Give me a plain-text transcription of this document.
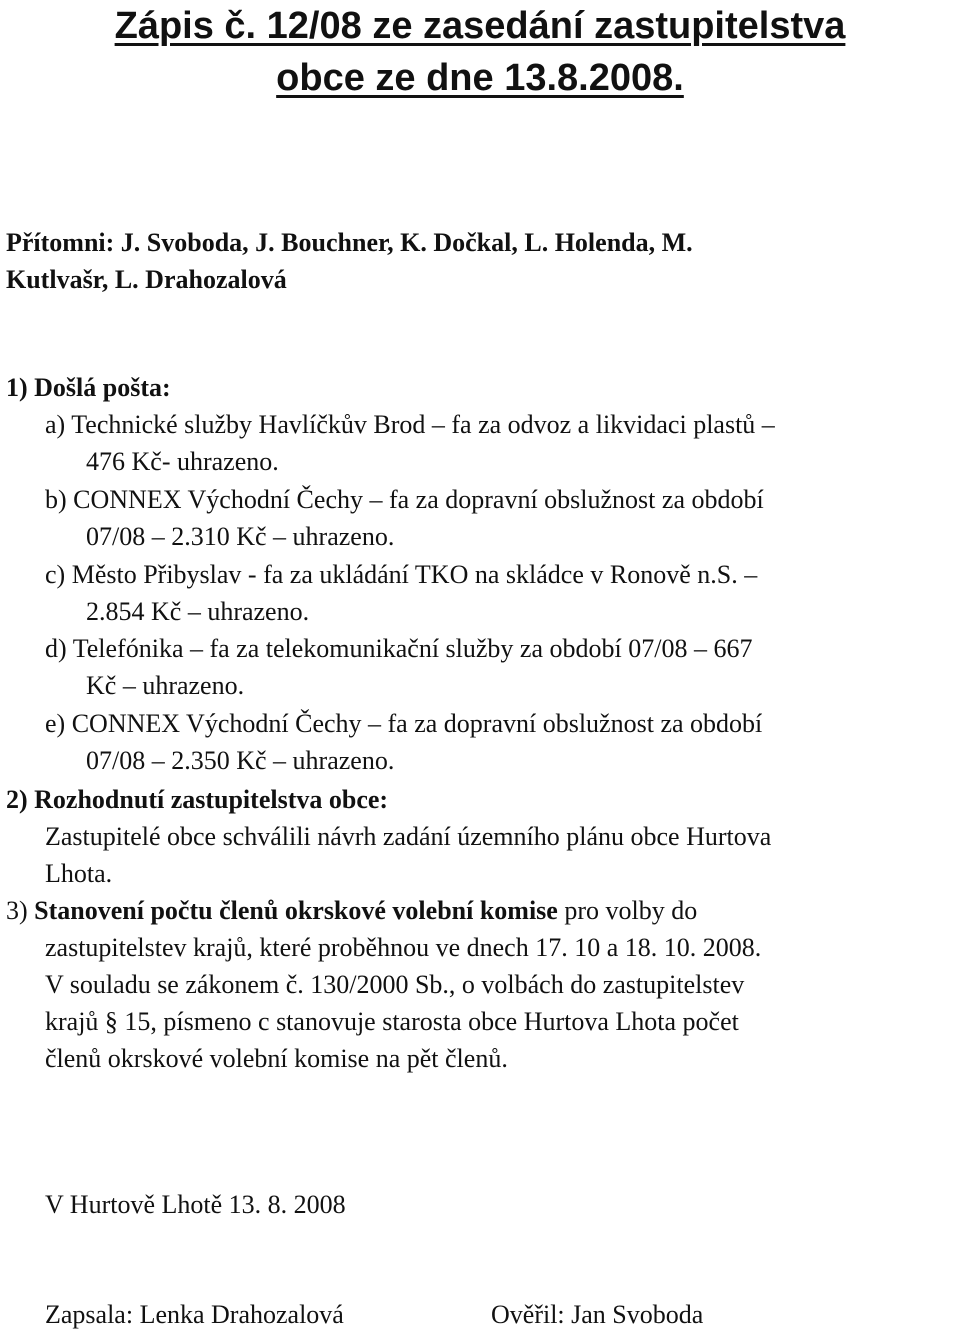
Zápis č. 12/08 ze zasedání zastupitelstva
obce ze dne 13.8.2008.

Přítomni: J. Svoboda, J. Bouchner, K. Dočkal, L. Holenda, M.

Kutlvašr, L. Drahozalová

1) Došlá pošta:

a) Technické služby Havlíčkův Brod – fa za odvoz a likvidaci plastů –

476 Kč- uhrazeno.

b) CONNEX Východní Čechy – fa za dopravní obslužnost za období

07/08 – 2.310 Kč – uhrazeno.

c) Město Přibyslav - fa za ukládání TKO na skládce v Ronově n.S. –

2.854 Kč – uhrazeno.

d) Telefónika – fa za telekomunikační služby za období 07/08 – 667

Kč – uhrazeno.

e) CONNEX Východní Čechy – fa za dopravní obslužnost za období

07/08 – 2.350 Kč – uhrazeno.

2) Rozhodnutí zastupitelstva obce:

Zastupitelé obce schválili návrh zadání územního plánu obce Hurtova

Lhota.

3) Stanovení počtu členů okrskové volební komise pro volby do

zastupitelstev krajů, které proběhnou ve dnech 17. 10 a 18. 10. 2008.

V souladu se zákonem č. 130/2000 Sb., o volbách do zastupitelstev

krajů § 15, písmeno c stanovuje starosta obce Hurtova Lhota počet

členů okrskové volební komise na pět členů.

V Hurtově Lhotě 13. 8. 2008

Zapsala: Lenka Drahozalová	Ověřil: Jan Svoboda
